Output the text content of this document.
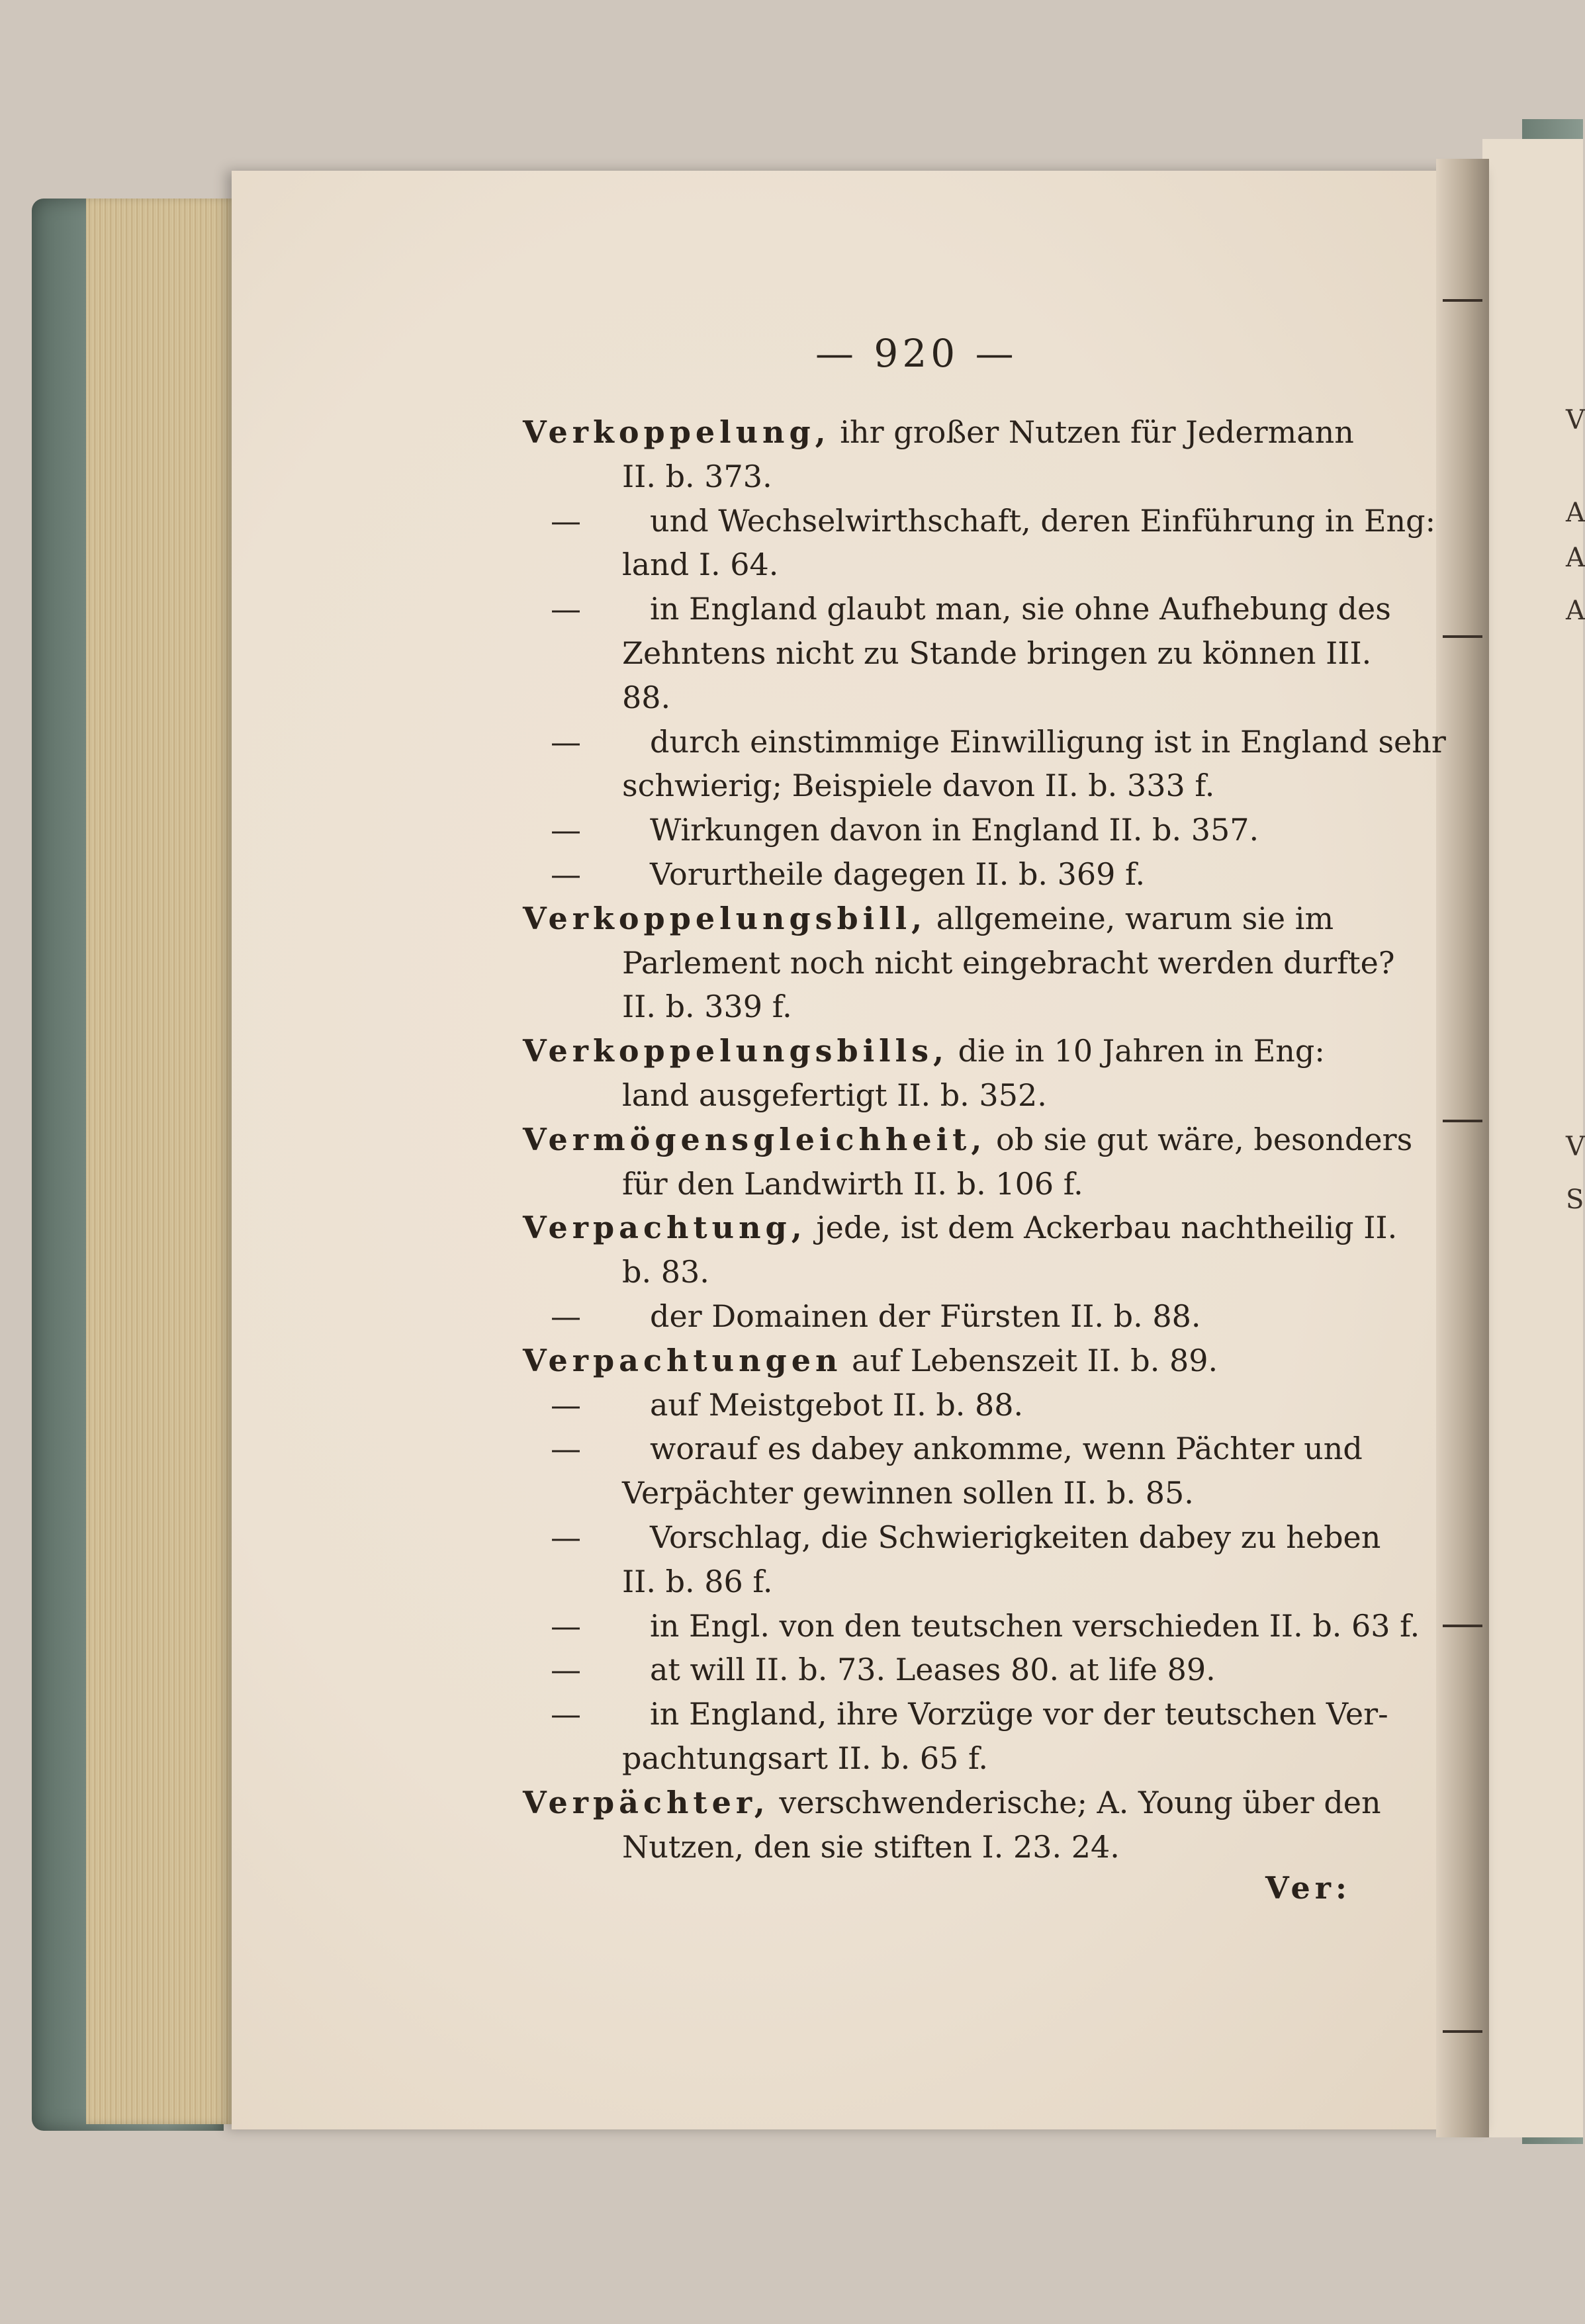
— 920 —
Verkoppelung, ihr großer Nutzen für Jedermann
II. b. 373.
— und Wechselwirthschaft, deren Einführung in Eng:
land I. 64.
— in England glaubt man, sie ohne Aufhebung des
Zehntens nicht zu Stande bringen zu können III.
88.
— durch einstimmige Einwilligung ist in England sehr
schwierig; Beispiele davon II. b. 333 f.
— Wirkungen davon in England II. b. 357.
— Vorurtheile dagegen II. b. 369 f.
Verkoppelungsbill, allgemeine, warum sie im
Parlement noch nicht eingebracht werden durfte?
II. b. 339 f.
Verkoppelungsbills, die in 10 Jahren in Eng:
land ausgefertigt II. b. 352.
Vermögensgleichheit, ob sie gut wäre, besonders
für den Landwirth II. b. 106 f.
Verpachtung, jede, ist dem Ackerbau nachtheilig II.
b. 83.
— der Domainen der Fürsten II. b. 88.
Verpachtungen auf Lebenszeit II. b. 89.
— auf Meistgebot II. b. 88.
— worauf es dabey ankomme, wenn Pächter und
Verpächter gewinnen sollen II. b. 85.
— Vorschlag, die Schwierigkeiten dabey zu heben
II. b. 86 f.
— in Engl. von den teutschen verschieden II. b. 63 f.
— at will II. b. 73. Leases 80. at life 89.
— in England, ihre Vorzüge vor der teutschen Ver-
pachtungsart II. b. 65 f.
Verpächter, verschwenderische; A. Young über den
Nutzen, den sie stiften I. 23. 24.
Ver:
V
A
A
A
V
S
